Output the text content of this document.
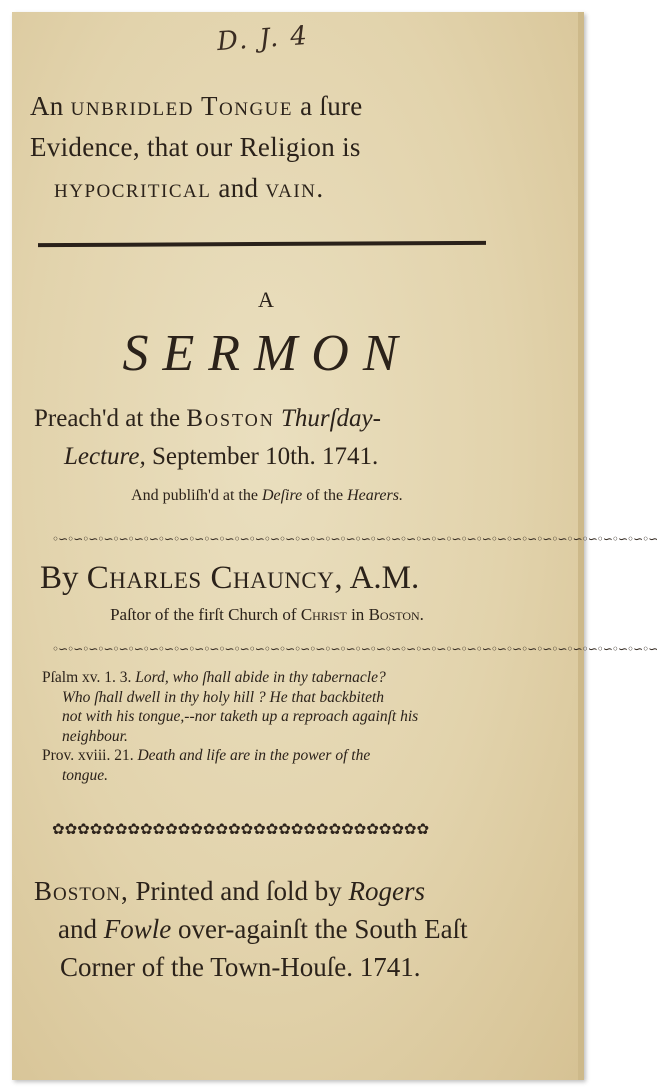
D. J. 4
An unbridled Tongue a ſure
Evidence, that our Religion is
hypocritical and vain.
A
SERMON
Preach'd at the Boston Thurſday-
Lecture, September 10th. 1741.
And publiſh'd at the Deſire of the Hearers.
◦∽◦∽◦∽◦∽◦∽◦∽◦∽◦∽◦∽◦∽◦∽◦∽◦∽◦∽◦∽◦∽◦∽◦∽◦∽◦∽◦∽◦∽◦∽◦∽◦∽◦∽◦∽◦∽◦∽◦∽◦∽◦∽◦∽◦∽◦∽◦∽◦∽◦∽◦∽◦∽
By Charles Chauncy, A.M.
Paſtor of the firſt Church of Christ in Boston.
◦∽◦∽◦∽◦∽◦∽◦∽◦∽◦∽◦∽◦∽◦∽◦∽◦∽◦∽◦∽◦∽◦∽◦∽◦∽◦∽◦∽◦∽◦∽◦∽◦∽◦∽◦∽◦∽◦∽◦∽◦∽◦∽◦∽◦∽◦∽◦∽◦∽◦∽◦∽◦∽
Pſalm xv. 1. 3. Lord, who ſhall abide in thy tabernacle?
Who ſhall dwell in thy holy hill ? He that backbiteth
not with his tongue,--nor taketh up a reproach againſt his
neighbour.
Prov. xviii. 21. Death and life are in the power of the
tongue.
✿✿✿✿✿✿✿✿✿✿✿✿✿✿✿✿✿✿✿✿✿✿✿✿✿✿✿✿✿✿
Boston, Printed and ſold by Rogers
and Fowle over-againſt the South Eaſt
Corner of the Town-Houſe. 1741.
